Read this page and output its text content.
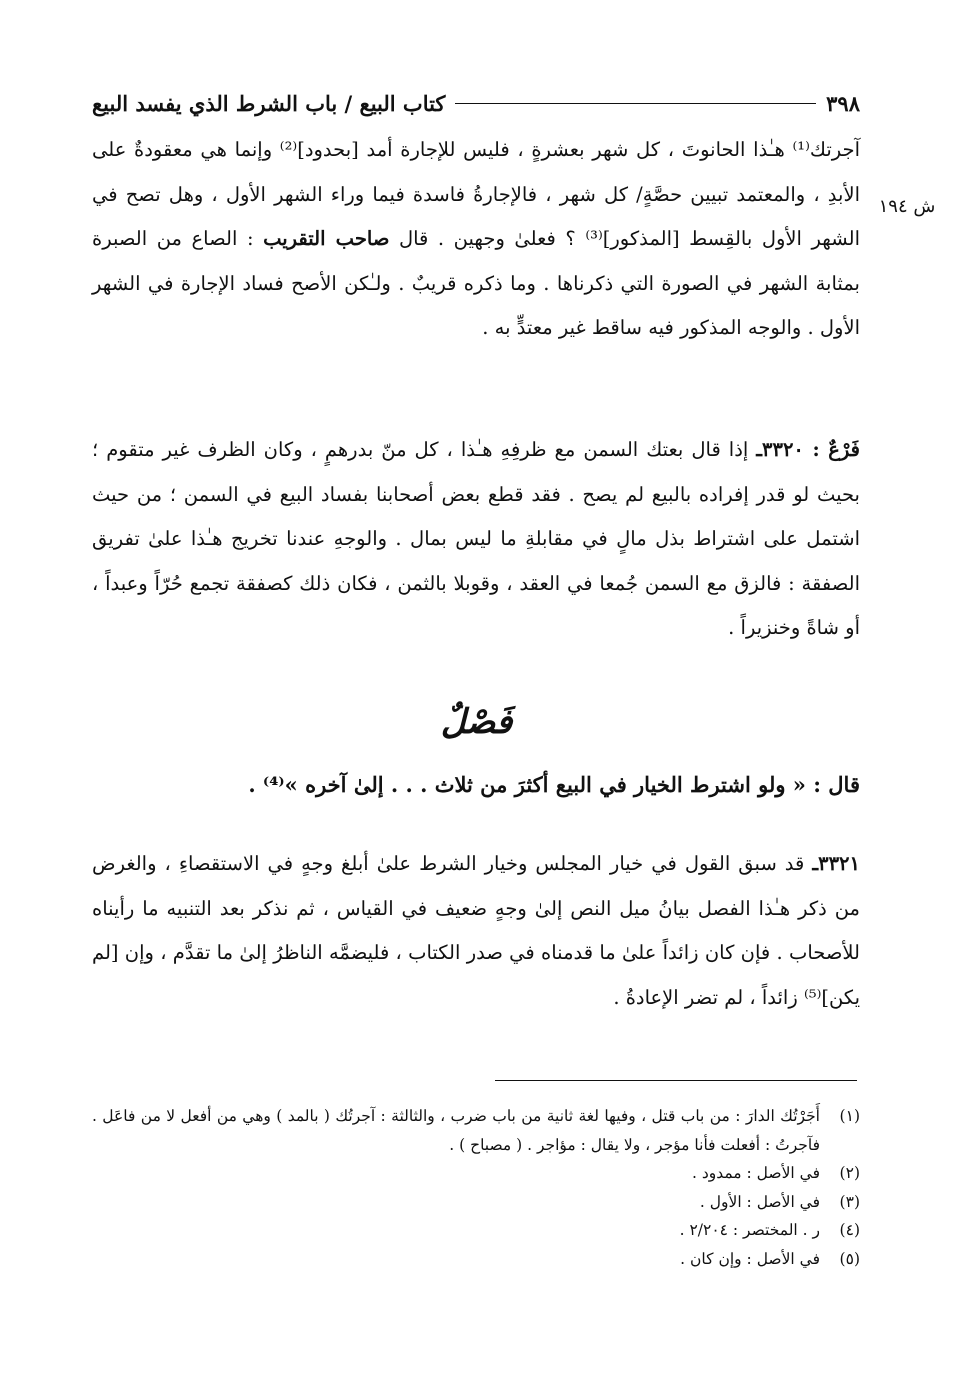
٣٩٨
كتاب البيع / باب الشرط الذي يفسد البيع
ش ١٩٤

آجرتك⁽¹⁾ هـٰذا الحانوتَ ، كل شهر بعشرةٍ ، فليس للإجارة أمد [بحدود]⁽²⁾ وإنما هي معقودةٌ على الأبدِ ، والمعتمد تبيين حصَّةٍ/ كل شهر ، فالإجارةُ فاسدة فيما وراء الشهر الأول ، وهل تصح في الشهر الأول بالقِسط [المذكور]⁽³⁾ ؟ فعلىٰ وجهين . قال صاحب التقريب : الصاع من الصبرة بمثابة الشهر في الصورة التي ذكرناها . وما ذكره قريبٌ . ولـٰكن الأصح فساد الإجارة في الشهر الأول . والوجه المذكور فيه ساقط غير معتدٍّ به .

فَرْعٌ : ٣٣٢٠ـ إذا قال بعتك السمن مع ظرفِهِ هـٰذا ، كل منّ بدرهمٍ ، وكان الظرف غير متقوم ؛ بحيث لو قدر إفراده بالبيع لم يصح . فقد قطع بعض أصحابنا بفساد البيع في السمن ؛ من حيث اشتمل على اشتراط بذل مالٍ في مقابلةِ ما ليس بمال . والوجهِ عندنا تخريج هـٰذا علىٰ تفريق الصفقة : فالزق مع السمن جُمعا في العقد ، وقوبلا بالثمن ، فكان ذلك كصفقة تجمع حُرّاً وعبداً ، أو شاةً وخنزيراً .

فَصْلٌ
قال : « ولو اشترط الخيار في البيع أكثرَ من ثلاث . . . إلىٰ آخره »⁽⁴⁾ .

٣٣٢١ـ قد سبق القول في خيار المجلس وخيار الشرط علىٰ أبلغ وجهٍ في الاستقصاءِ ، والغرض من ذكر هـٰذا الفصل بيانُ ميل النص إلىٰ وجهٍ ضعيف في القياس ، ثم نذكر بعد التنبيه ما رأيناه للأصحاب . فإن كان زائداً علىٰ ما قدمناه في صدر الكتاب ، فليضمَّه الناظرُ إلىٰ ما تقدَّم ، وإن [لم يكن]⁽⁵⁾ زائداً ، لم تضر الإعادةُ .

(١)
أَجَرْتُك الدارَ : من باب قتل ، وفيها لغة ثانية من باب ضرب ، والثالثة : آجرتُك ( بالمد ) وهي من أفعل لا من فاعَل . فآجرتُ : أفعلت فأنا مؤجر ، ولا يقال : مؤاجر . ( مصباح ) .
(٢)
في الأصل : ممدود .
(٣)
في الأصل : الأول .
(٤)
ر . المختصر : ٢/٢٠٤ .
(٥)
في الأصل : وإن كان .
